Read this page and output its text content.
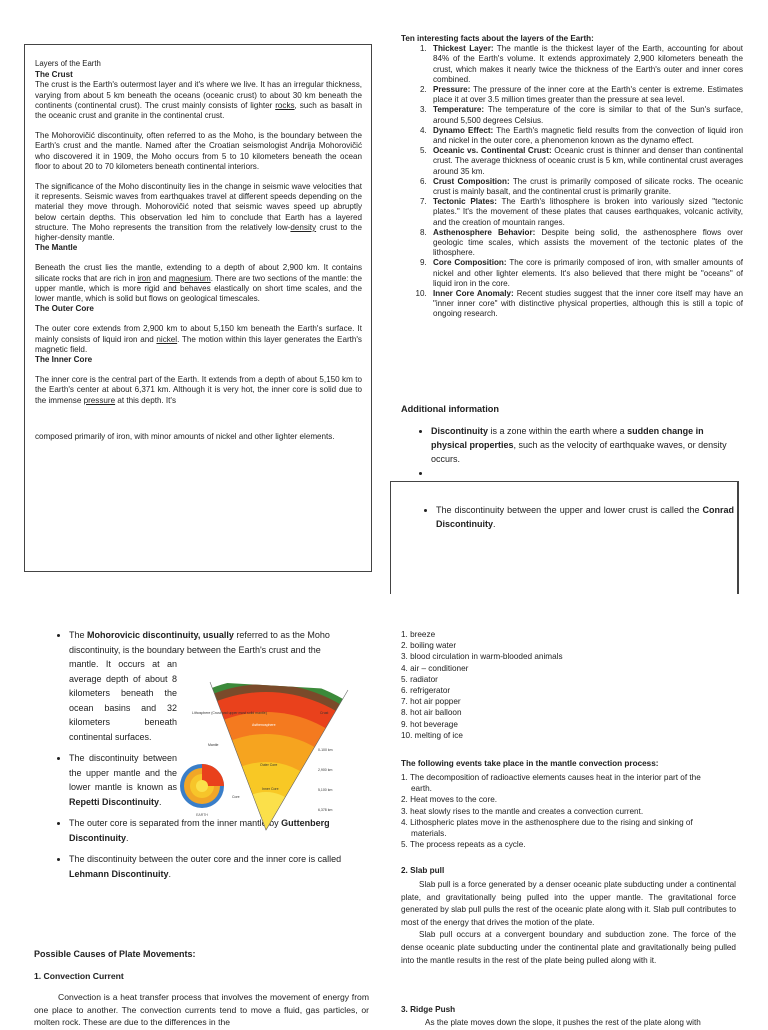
Layers of the Earth

The Crust

The crust is the Earth's outermost layer and it's where we live. It has an irregular thickness, varying from about 5 km beneath the oceans (oceanic crust) to about 30 km beneath the continents (continental crust). The crust mainly consists of lighter rocks, such as basalt in the oceanic crust and granite in the continental crust.

The Mohorovičić discontinuity, often referred to as the Moho, is the boundary between the Earth's crust and the mantle. Named after the Croatian seismologist Andrija Mohorovičić who discovered it in 1909, the Moho occurs from 5 to 10 kilometers beneath the ocean floor to about 20 to 70 kilometers beneath continental interiors.

The significance of the Moho discontinuity lies in the change in seismic wave velocities that it represents. Seismic waves from earthquakes travel at different speeds depending on the material they move through. Mohorovičić noted that seismic waves speed up abruptly below certain depths. This observation led him to conclude that Earth has a layered structure. The Moho represents the transition from the relatively low-density crust to the higher-density mantle.

The Mantle

Beneath the crust lies the mantle, extending to a depth of about 2,900 km. It contains silicate rocks that are rich in iron and magnesium. There are two sections of the mantle: the upper mantle, which is more rigid and behaves elastically on short time scales, and the lower mantle, which is solid but flows on geological timescales.

The Outer Core

The outer core extends from 2,900 km to about 5,150 km beneath the Earth's surface. It mainly consists of liquid iron and nickel. The motion within this layer generates the Earth's magnetic field.

The Inner Core

The inner core is the central part of the Earth. It extends from a depth of about 5,150 km to the Earth's center at about 6,371 km. Although it is very hot, the inner core is solid due to the immense pressure at this depth. It's

composed primarily of iron, with minor amounts of nickel and other lighter elements.

Ten interesting facts about the layers of the Earth:

1. Thickest Layer: The mantle is the thickest layer of the Earth, accounting for about 84% of the Earth's volume. It extends approximately 2,900 kilometers beneath the crust, which makes it nearly twice the thickness of the Earth's outer and inner cores combined.
2. Pressure: The pressure of the inner core at the Earth's center is extreme. Estimates place it at over 3.5 million times greater than the pressure at sea level.
3. Temperature: The temperature of the core is similar to that of the Sun's surface, around 5,500 degrees Celsius.
4. Dynamo Effect: The Earth's magnetic field results from the convection of liquid iron and nickel in the outer core, a phenomenon known as the dynamo effect.
5. Oceanic vs. Continental Crust: Oceanic crust is thinner and denser than continental crust. The average thickness of oceanic crust is 5 km, while continental crust averages around 35 km.
6. Crust Composition: The crust is primarily composed of silicate rocks. The oceanic crust is mainly basalt, and the continental crust is primarily granite.
7. Tectonic Plates: The Earth's lithosphere is broken into variously sized "tectonic plates." It's the movement of these plates that causes earthquakes, volcanic activity, and the creation of mountain ranges.
8. Asthenosphere Behavior: Despite being solid, the asthenosphere flows over geologic time scales, which assists the movement of the tectonic plates of the lithosphere.
9. Core Composition: The core is primarily composed of iron, with smaller amounts of nickel and other lighter elements. It's also believed that there might be "oceans" of liquid iron in the core.
10. Inner Core Anomaly: Recent studies suggest that the inner core itself may have an "inner inner core" with distinctive physical properties, although this is still a topic of ongoing research.
Additional information
• Discontinuity is a zone within the earth where a sudden change in physical properties, such as the velocity of earthquake waves, or density occurs.
•
• The discontinuity between the upper and lower crust is called the Conrad Discontinuity.
• The Mohorovicic discontinuity, usually referred to as the Moho discontinuity, is the boundary between the Earth's crust and the
mantle. It occurs at an average depth of about 8 kilometers beneath the ocean basins and 32 kilometers beneath continental surfaces.
• The discontinuity between the upper mantle and the lower mantle is known as Repetti Discontinuity.
• The outer core is separated from the inner mantle by Guttenberg Discontinuity.
• The discontinuity between the outer core and the inner core is called Lehmann Discontinuity.
EARTH
Lithosphere (Crust and upper most solid mantle)
Asthenosphere
Mantle
Crust
Outer Core
Inner Core
Core
0-100 km
2,900 km
5,100 km
6,378 km
Possible Causes of Plate Movements:
1. Convection Current
Convection is a heat transfer process that involves the movement of energy from one place to another. The convection currents tend to move a fluid, gas particles, or molten rock. These are due to the differences in the

1. breeze

2. boiling water

3. blood circulation in warm-blooded animals

4. air – conditioner

5. radiator

6. refrigerator

7. hot air popper

8. hot air balloon

9. hot beverage

10. melting of ice

The following events take place in the mantle convection process:

1. The decomposition of radioactive elements causes heat in the interior part of the
earth.

2. Heat moves to the core.

3. heat slowly rises to the mantle and creates a convection current.

4. Lithospheric plates move in the asthenosphere due to the rising and sinking of
materials.

5. The process repeats as a cycle.

2. Slab pull

Slab pull is a force generated by a denser oceanic plate subducting under a continental plate, and gravitationally being pulled into the upper mantle. The gravitational force generated by slab pull pulls the rest of the oceanic plate along with it. Slab pull contributes to most of the energy that drives the motion of the plate.

Slab pull occurs at a convergent boundary and subduction zone. The force of the dense oceanic plate subducting under the continental plate and gravitationally being pulled into the mantle results in the rest of the plate being pulled along with it.

3. Ridge Push
As the plate moves down the slope, it pushes the rest of the plate along with
